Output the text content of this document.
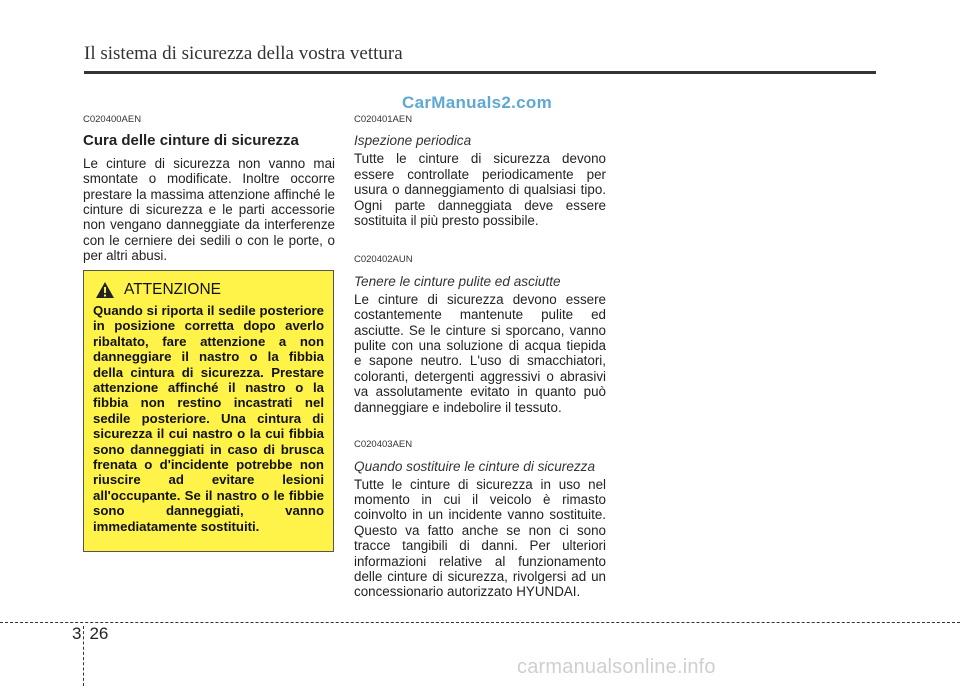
Il sistema di sicurezza della vostra vettura
CarManuals2.com
C020400AEN
Cura delle cinture di sicurezza
Le cinture di sicurezza non vanno mai smontate o modificate. Inoltre occorre prestare la massima attenzione affinché le cinture di sicurezza e le parti accessorie non vengano danneggiate da interferenze con le cerniere dei sedili o con le porte, o per altri abusi.
ATTENZIONE
Quando si riporta il sedile posteriore in posizione corretta dopo averlo ribaltato, fare attenzione a non danneggiare il nastro o la fibbia della cintura di sicurezza. Prestare attenzione affinché il nastro o la fibbia non restino incastrati nel sedile posteriore. Una cintura di sicurezza il cui nastro o la cui fibbia sono danneggiati in caso di brusca frenata o d'incidente potrebbe non riuscire ad evitare lesioni all'occupante. Se il nastro o le fibbie sono danneggiati, vanno immediatamente sostituiti.
C020401AEN
Ispezione periodica
Tutte le cinture di sicurezza devono essere controllate periodicamente per usura o danneggiamento di qualsiasi tipo. Ogni parte danneggiata deve essere sostituita il più presto possibile.
C020402AUN
Tenere le cinture pulite ed asciutte
Le cinture di sicurezza devono essere costantemente mantenute pulite ed asciutte. Se le cinture si sporcano, vanno pulite con una soluzione di acqua tiepida e sapone neutro. L'uso di smacchiatori, coloranti, detergenti aggressivi o abrasivi va assolutamente evitato in quanto può danneggiare e indebolire il tessuto.
C020403AEN
Quando sostituire le cinture di sicurezza
Tutte le cinture di sicurezza in uso nel momento in cui il veicolo è rimasto coinvolto in un incidente vanno sostituite. Questo va fatto anche se non ci sono tracce tangibili di danni. Per ulteriori informazioni relative al funzionamento delle cinture di sicurezza, rivolgersi ad un concessionario autorizzato HYUNDAI.
3 26
carmanualsonline.info
